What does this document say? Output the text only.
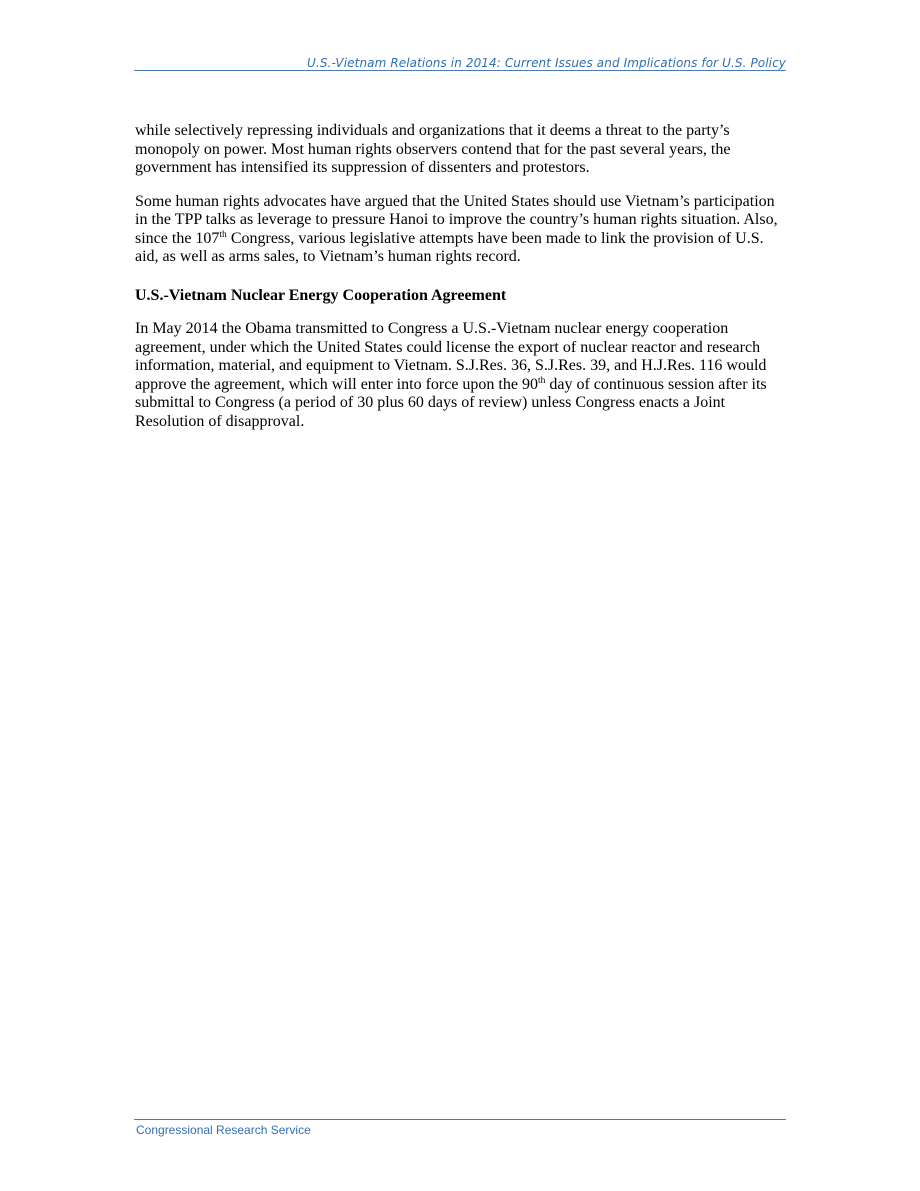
U.S.-Vietnam Relations in 2014: Current Issues and Implications for U.S. Policy

while selectively repressing individuals and organizations that it deems a threat to the party’s monopoly on power. Most human rights observers contend that for the past several years, the government has intensified its suppression of dissenters and protestors.

Some human rights advocates have argued that the United States should use Vietnam’s participation in the TPP talks as leverage to pressure Hanoi to improve the country’s human rights situation. Also, since the 107th Congress, various legislative attempts have been made to link the provision of U.S. aid, as well as arms sales, to Vietnam’s human rights record.

U.S.-Vietnam Nuclear Energy Cooperation Agreement

In May 2014 the Obama transmitted to Congress a U.S.-Vietnam nuclear energy cooperation agreement, under which the United States could license the export of nuclear reactor and research information, material, and equipment to Vietnam. S.J.Res. 36, S.J.Res. 39, and H.J.Res. 116 would approve the agreement, which will enter into force upon the 90th day of continuous session after its submittal to Congress (a period of 30 plus 60 days of review) unless Congress enacts a Joint Resolution of disapproval.

Congressional Research Service
